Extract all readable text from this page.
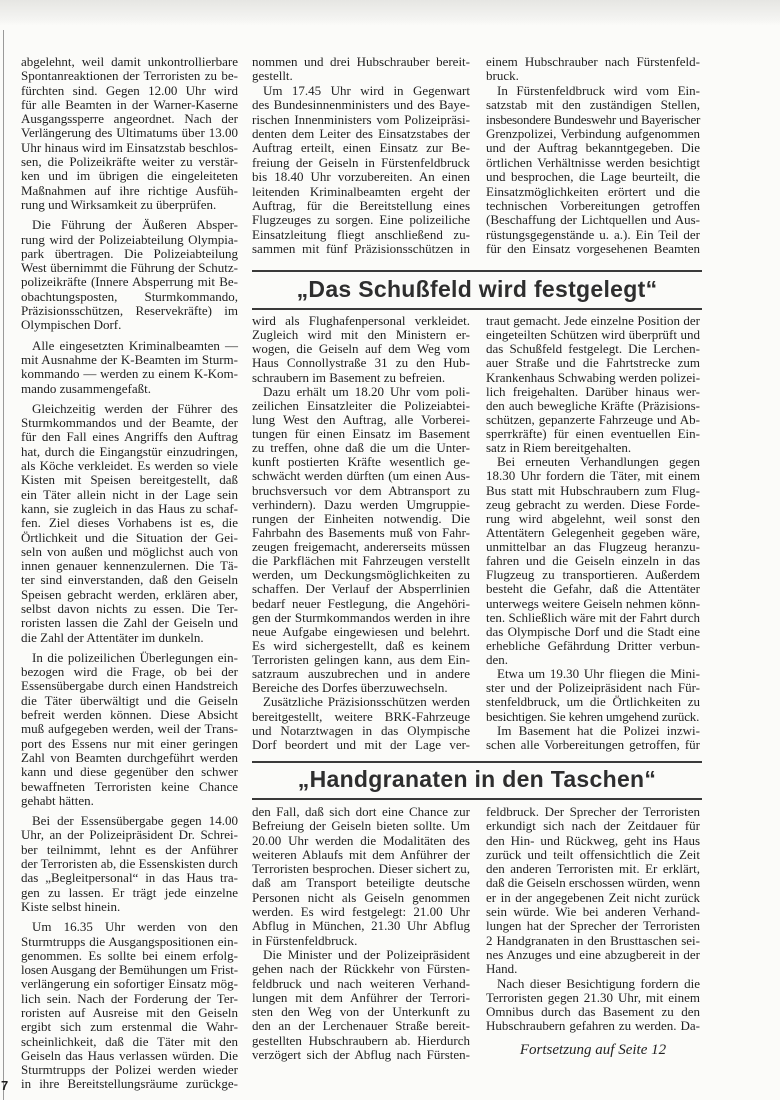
abgelehnt, weil damit unkontrollierbare
Spontanreaktionen der Terroristen zu be-
fürchten sind. Gegen 12.00 Uhr wird
für alle Beamten in der Warner-Kaserne
Ausgangssperre angeordnet. Nach der
Verlängerung des Ultimatums über 13.00
Uhr hinaus wird im Einsatzstab beschlos-
sen, die Polizeikräfte weiter zu verstär-
ken und im übrigen die eingeleiteten
Maßnahmen auf ihre richtige Ausfüh-
rung und Wirksamkeit zu überprüfen.
Die Führung der Äußeren Absper-
rung wird der Polizeiabteilung Olympia-
park übertragen. Die Polizeiabteilung
West übernimmt die Führung der Schutz-
polizeikräfte (Innere Absperrung mit Be-
obachtungsposten, Sturmkommando,
Präzisionsschützen, Reservekräfte) im
Olympischen Dorf.
Alle eingesetzten Kriminalbeamten —
mit Ausnahme der K-Beamten im Sturm-
kommando — werden zu einem K-Kom-
mando zusammengefaßt.
Gleichzeitig werden der Führer des
Sturmkommandos und der Beamte, der
für den Fall eines Angriffs den Auftrag
hat, durch die Eingangstür einzudringen,
als Köche verkleidet. Es werden so viele
Kisten mit Speisen bereitgestellt, daß
ein Täter allein nicht in der Lage sein
kann, sie zugleich in das Haus zu schaf-
fen. Ziel dieses Vorhabens ist es, die
Örtlichkeit und die Situation der Gei-
seln von außen und möglichst auch von
innen genauer kennenzulernen. Die Tä-
ter sind einverstanden, daß den Geiseln
Speisen gebracht werden, erklären aber,
selbst davon nichts zu essen. Die Ter-
roristen lassen die Zahl der Geiseln und
die Zahl der Attentäter im dunkeln.
In die polizeilichen Überlegungen ein-
bezogen wird die Frage, ob bei der
Essensübergabe durch einen Handstreich
die Täter überwältigt und die Geiseln
befreit werden können. Diese Absicht
muß aufgegeben werden, weil der Trans-
port des Essens nur mit einer geringen
Zahl von Beamten durchgeführt werden
kann und diese gegenüber den schwer
bewaffneten Terroristen keine Chance
gehabt hätten.
Bei der Essensübergabe gegen 14.00
Uhr, an der Polizeipräsident Dr. Schrei-
ber teilnimmt, lehnt es der Anführer
der Terroristen ab, die Essenskisten durch
das „Begleitpersonal“ in das Haus tra-
gen zu lassen. Er trägt jede einzelne
Kiste selbst hinein.
Um 16.35 Uhr werden von den
Sturmtrupps die Ausgangspositionen ein-
genommen. Es sollte bei einem erfolg-
losen Ausgang der Bemühungen um Frist-
verlängerung ein sofortiger Einsatz mög-
lich sein. Nach der Forderung der Ter-
roristen auf Ausreise mit den Geiseln
ergibt sich zum erstenmal die Wahr-
scheinlichkeit, daß die Täter mit den
Geiseln das Haus verlassen würden. Die
Sturmtrupps der Polizei werden wieder
in ihre Bereitstellungsräume zurückge-
nommen und drei Hubschrauber bereit-
gestellt.
Um 17.45 Uhr wird in Gegenwart
des Bundesinnenministers und des Baye-
rischen Innenministers vom Polizeipräsi-
denten dem Leiter des Einsatzstabes der
Auftrag erteilt, einen Einsatz zur Be-
freiung der Geiseln in Fürstenfeldbruck
bis 18.40 Uhr vorzubereiten. An einen
leitenden Kriminalbeamten ergeht der
Auftrag, für die Bereitstellung eines
Flugzeuges zu sorgen. Eine polizeiliche
Einsatzleitung fliegt anschließend zu-
sammen mit fünf Präzisionsschützen in
einem Hubschrauber nach Fürstenfeld-
bruck.
In Fürstenfeldbruck wird vom Ein-
satzstab mit den zuständigen Stellen,
insbesondere Bundeswehr und Bayerischer
Grenzpolizei, Verbindung aufgenommen
und der Auftrag bekanntgegeben. Die
örtlichen Verhältnisse werden besichtigt
und besprochen, die Lage beurteilt, die
Einsatzmöglichkeiten erörtert und die
technischen Vorbereitungen getroffen
(Beschaffung der Lichtquellen und Aus-
rüstungsgegenstände u. a.). Ein Teil der
für den Einsatz vorgesehenen Beamten
„Das Schußfeld wird festgelegt“
wird als Flughafenpersonal verkleidet.
Zugleich wird mit den Ministern er-
wogen, die Geiseln auf dem Weg vom
Haus Connollystraße 31 zu den Hub-
schraubern im Basement zu befreien.
Dazu erhält um 18.20 Uhr vom poli-
zeilichen Einsatzleiter die Polizeiabtei-
lung West den Auftrag, alle Vorberei-
tungen für einen Einsatz im Basement
zu treffen, ohne daß die um die Unter-
kunft postierten Kräfte wesentlich ge-
schwächt werden dürften (um einen Aus-
bruchsversuch vor dem Abtransport zu
verhindern). Dazu werden Umgruppie-
rungen der Einheiten notwendig. Die
Fahrbahn des Basements muß von Fahr-
zeugen freigemacht, andererseits müssen
die Parkflächen mit Fahrzeugen verstellt
werden, um Deckungsmöglichkeiten zu
schaffen. Der Verlauf der Absperrlinien
bedarf neuer Festlegung, die Angehöri-
gen der Sturmkommandos werden in ihre
neue Aufgabe eingewiesen und belehrt.
Es wird sichergestellt, daß es keinem
Terroristen gelingen kann, aus dem Ein-
satzraum auszubrechen und in andere
Bereiche des Dorfes überzuwechseln.
Zusätzliche Präzisionsschützen werden
bereitgestellt, weitere BRK-Fahrzeuge
und Notarztwagen in das Olympische
Dorf beordert und mit der Lage ver-
traut gemacht. Jede einzelne Position der
eingeteilten Schützen wird überprüft und
das Schußfeld festgelegt. Die Lerchen-
auer Straße und die Fahrtstrecke zum
Krankenhaus Schwabing werden polizei-
lich freigehalten. Darüber hinaus wer-
den auch bewegliche Kräfte (Präzisions-
schützen, gepanzerte Fahrzeuge und Ab-
sperrkräfte) für einen eventuellen Ein-
satz in Riem bereitgehalten.
Bei erneuten Verhandlungen gegen
18.30 Uhr fordern die Täter, mit einem
Bus statt mit Hubschraubern zum Flug-
zeug gebracht zu werden. Diese Forde-
rung wird abgelehnt, weil sonst den
Attentätern Gelegenheit gegeben wäre,
unmittelbar an das Flugzeug heranzu-
fahren und die Geiseln einzeln in das
Flugzeug zu transportieren. Außerdem
besteht die Gefahr, daß die Attentäter
unterwegs weitere Geiseln nehmen könn-
ten. Schließlich wäre mit der Fahrt durch
das Olympische Dorf und die Stadt eine
erhebliche Gefährdung Dritter verbun-
den.
Etwa um 19.30 Uhr fliegen die Mini-
ster und der Polizeipräsident nach Für-
stenfeldbruck, um die Örtlichkeiten zu
besichtigen. Sie kehren umgehend zurück.
Im Basement hat die Polizei inzwi-
schen alle Vorbereitungen getroffen, für
„Handgranaten in den Taschen“
den Fall, daß sich dort eine Chance zur
Befreiung der Geiseln bieten sollte. Um
20.00 Uhr werden die Modalitäten des
weiteren Ablaufs mit dem Anführer der
Terroristen besprochen. Dieser sichert zu,
daß am Transport beteiligte deutsche
Personen nicht als Geiseln genommen
werden. Es wird festgelegt: 21.00 Uhr
Abflug in München, 21.30 Uhr Abflug
in Fürstenfeldbruck.
Die Minister und der Polizeipräsident
gehen nach der Rückkehr von Fürsten-
feldbruck und nach weiteren Verhand-
lungen mit dem Anführer der Terrori-
sten den Weg von der Unterkunft zu
den an der Lerchenauer Straße bereit-
gestellten Hubschraubern ab. Hierdurch
verzögert sich der Abflug nach Fürsten-
feldbruck. Der Sprecher der Terroristen
erkundigt sich nach der Zeitdauer für
den Hin- und Rückweg, geht ins Haus
zurück und teilt offensichtlich die Zeit
den anderen Terroristen mit. Er erklärt,
daß die Geiseln erschossen würden, wenn
er in der angegebenen Zeit nicht zurück
sein würde. Wie bei anderen Verhand-
lungen hat der Sprecher der Terroristen
2 Handgranaten in den Brusttaschen sei-
nes Anzuges und eine abzugbereit in der
Hand.
Nach dieser Besichtigung fordern die
Terroristen gegen 21.30 Uhr, mit einem
Omnibus durch das Basement zu den
Hubschraubern gefahren zu werden. Da-
Fortsetzung auf Seite 12
7
